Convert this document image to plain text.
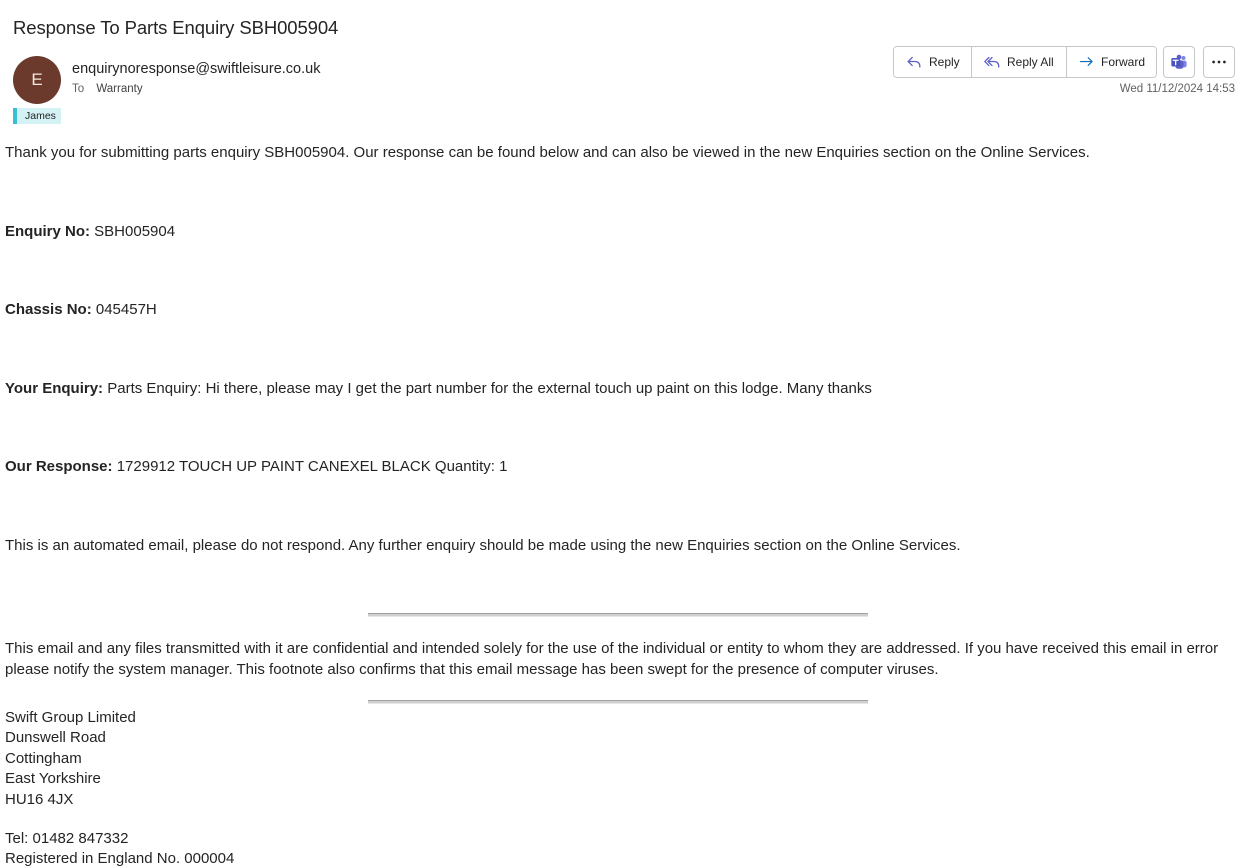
Response To Parts Enquiry SBH005904
E
enquirynoresponse@swiftleisure.co.uk
To Warranty
James
Reply	Reply All	Forward
Wed 11/12/2024 14:53
Thank you for submitting parts enquiry SBH005904. Our response can be found below and can also be viewed in the new Enquiries section on the Online Services.
Enquiry No: SBH005904
Chassis No: 045457H
Your Enquiry: Parts Enquiry: Hi there, please may I get the part number for the external touch up paint on this lodge. Many thanks
Our Response: 1729912 TOUCH UP PAINT CANEXEL BLACK Quantity: 1
This is an automated email, please do not respond. Any further enquiry should be made using the new Enquiries section on the Online Services.
This email and any files transmitted with it are confidential and intended solely for the use of the individual or entity to whom they are addressed. If you have received this email in error please notify the system manager. This footnote also confirms that this email message has been swept for the presence of computer viruses.
Swift Group Limited
Dunswell Road
Cottingham
East Yorkshire
HU16 4JX
Tel: 01482 847332
Registered in England No. 000004
